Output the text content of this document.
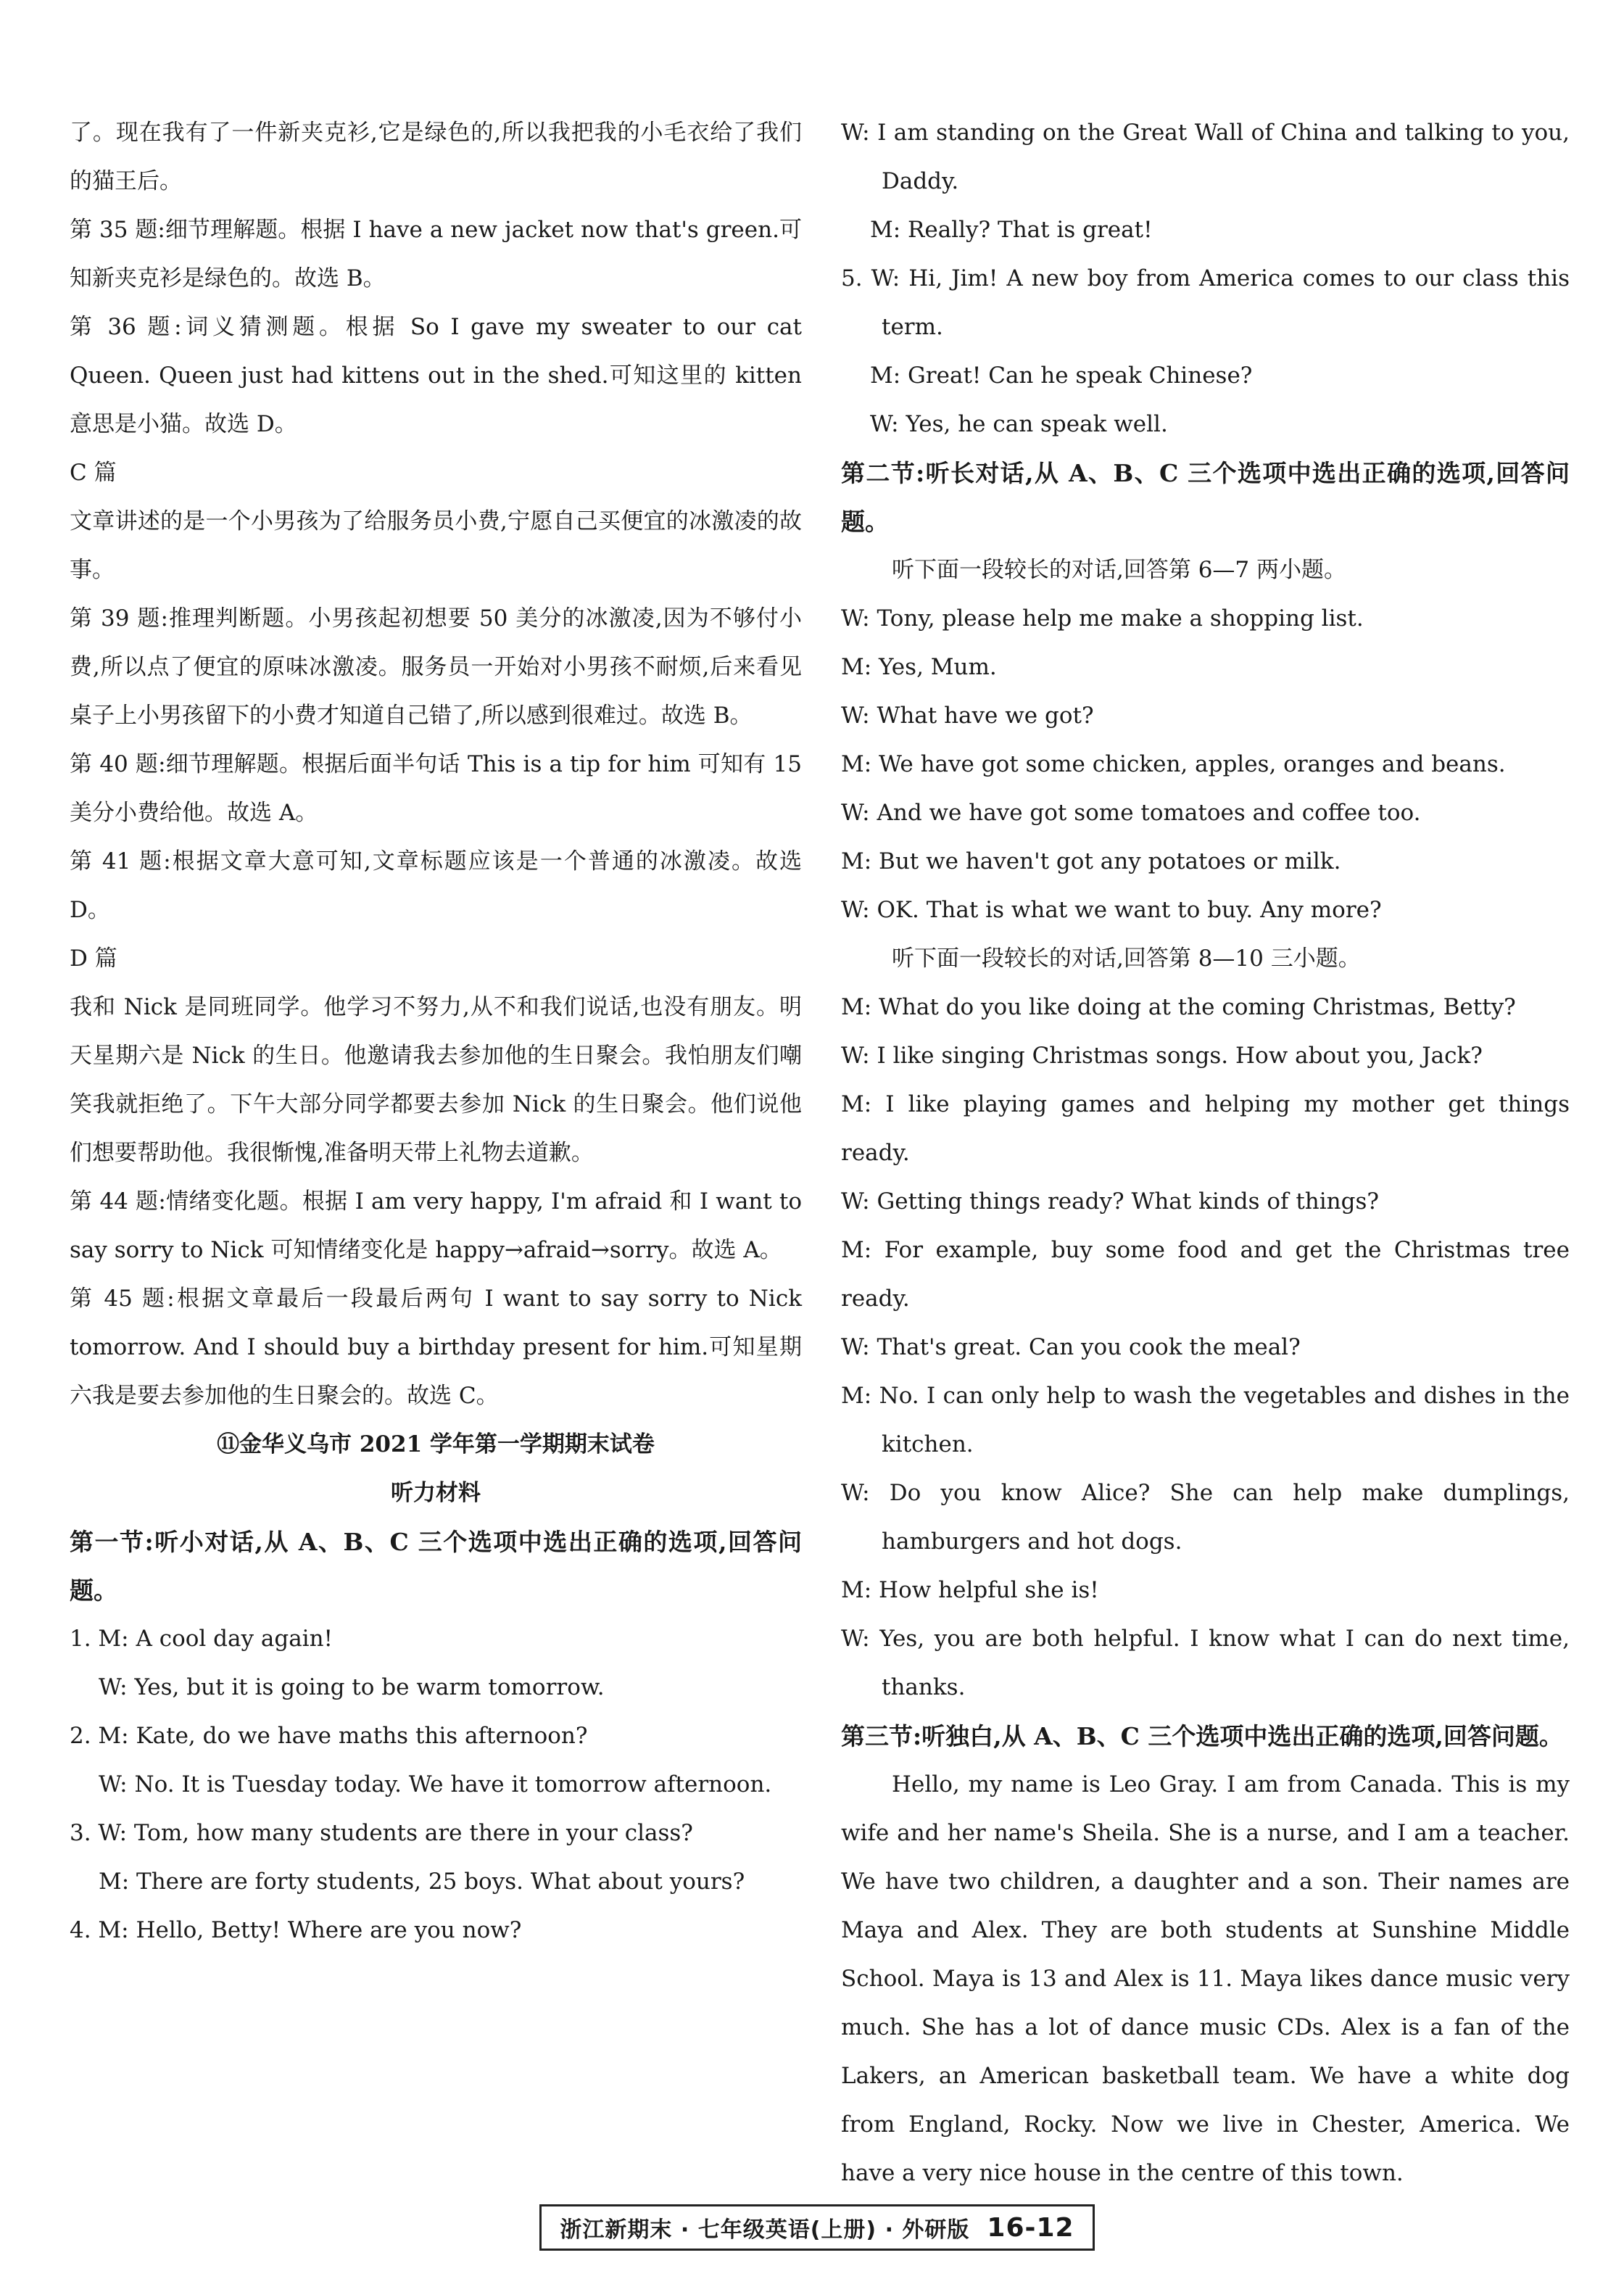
了。现在我有了一件新夹克衫,它是绿色的,所以我把我的小毛衣给了我们的猫王后。

第 35 题:细节理解题。根据 I have a new jacket now that's green.可知新夹克衫是绿色的。故选 B。

第 36 题:词义猜测题。根据 So I gave my sweater to our cat Queen. Queen just had kittens out in the shed.可知这里的 kitten 意思是小猫。故选 D。

C 篇

文章讲述的是一个小男孩为了给服务员小费,宁愿自己买便宜的冰激凌的故事。

第 39 题:推理判断题。小男孩起初想要 50 美分的冰激凌,因为不够付小费,所以点了便宜的原味冰激凌。服务员一开始对小男孩不耐烦,后来看见桌子上小男孩留下的小费才知道自己错了,所以感到很难过。故选 B。

第 40 题:细节理解题。根据后面半句话 This is a tip for him 可知有 15 美分小费给他。故选 A。

第 41 题:根据文章大意可知,文章标题应该是一个普通的冰激凌。故选 D。

D 篇

我和 Nick 是同班同学。他学习不努力,从不和我们说话,也没有朋友。明天星期六是 Nick 的生日。他邀请我去参加他的生日聚会。我怕朋友们嘲笑我就拒绝了。下午大部分同学都要去参加 Nick 的生日聚会。他们说他们想要帮助他。我很惭愧,准备明天带上礼物去道歉。

第 44 题:情绪变化题。根据 I am very happy, I'm afraid 和 I want to say sorry to Nick 可知情绪变化是 happy→afraid→sorry。故选 A。

第 45 题:根据文章最后一段最后两句 I want to say sorry to Nick tomorrow. And I should buy a birthday present for him.可知星期六我是要去参加他的生日聚会的。故选 C。

⑪金华义乌市 2021 学年第一学期期末试卷

听力材料

第一节:听小对话,从 A、B、C 三个选项中选出正确的选项,回答问题。

1. M: A cool day again!

W: Yes, but it is going to be warm tomorrow.

2. M: Kate, do we have maths this afternoon?

W: No. It is Tuesday today. We have it tomorrow afternoon.

3. W: Tom, how many students are there in your class?

M: There are forty students, 25 boys. What about yours?

4. M: Hello, Betty! Where are you now?

W: I am standing on the Great Wall of China and talking to you, Daddy.

M: Really? That is great!

5. W: Hi, Jim! A new boy from America comes to our class this term.

M: Great! Can he speak Chinese?

W: Yes, he can speak well.

第二节:听长对话,从 A、B、C 三个选项中选出正确的选项,回答问题。

听下面一段较长的对话,回答第 6—7 两小题。

W: Tony, please help me make a shopping list.

M: Yes, Mum.

W: What have we got?

M: We have got some chicken, apples, oranges and beans.

W: And we have got some tomatoes and coffee too.

M: But we haven't got any potatoes or milk.

W: OK. That is what we want to buy. Any more?

听下面一段较长的对话,回答第 8—10 三小题。

M: What do you like doing at the coming Christmas, Betty?

W: I like singing Christmas songs. How about you, Jack?

M: I like playing games and helping my mother get things ready.

W: Getting things ready? What kinds of things?

M: For example, buy some food and get the Christmas tree ready.

W: That's great. Can you cook the meal?

M: No. I can only help to wash the vegetables and dishes in the kitchen.

W: Do you know Alice? She can help make dumplings, hamburgers and hot dogs.

M: How helpful she is!

W: Yes, you are both helpful. I know what I can do next time, thanks.

第三节:听独白,从 A、B、C 三个选项中选出正确的选项,回答问题。

Hello, my name is Leo Gray. I am from Canada. This is my wife and her name's Sheila. She is a nurse, and I am a teacher. We have two children, a daughter and a son. Their names are Maya and Alex. They are both students at Sunshine Middle School. Maya is 13 and Alex is 11. Maya likes dance music very much. She has a lot of dance music CDs. Alex is a fan of the Lakers, an American basketball team. We have a white dog from England, Rocky. Now we live in Chester, America. We have a very nice house in the centre of this town.

浙江新期末 · 七年级英语(上册) · 外研版 16-12
